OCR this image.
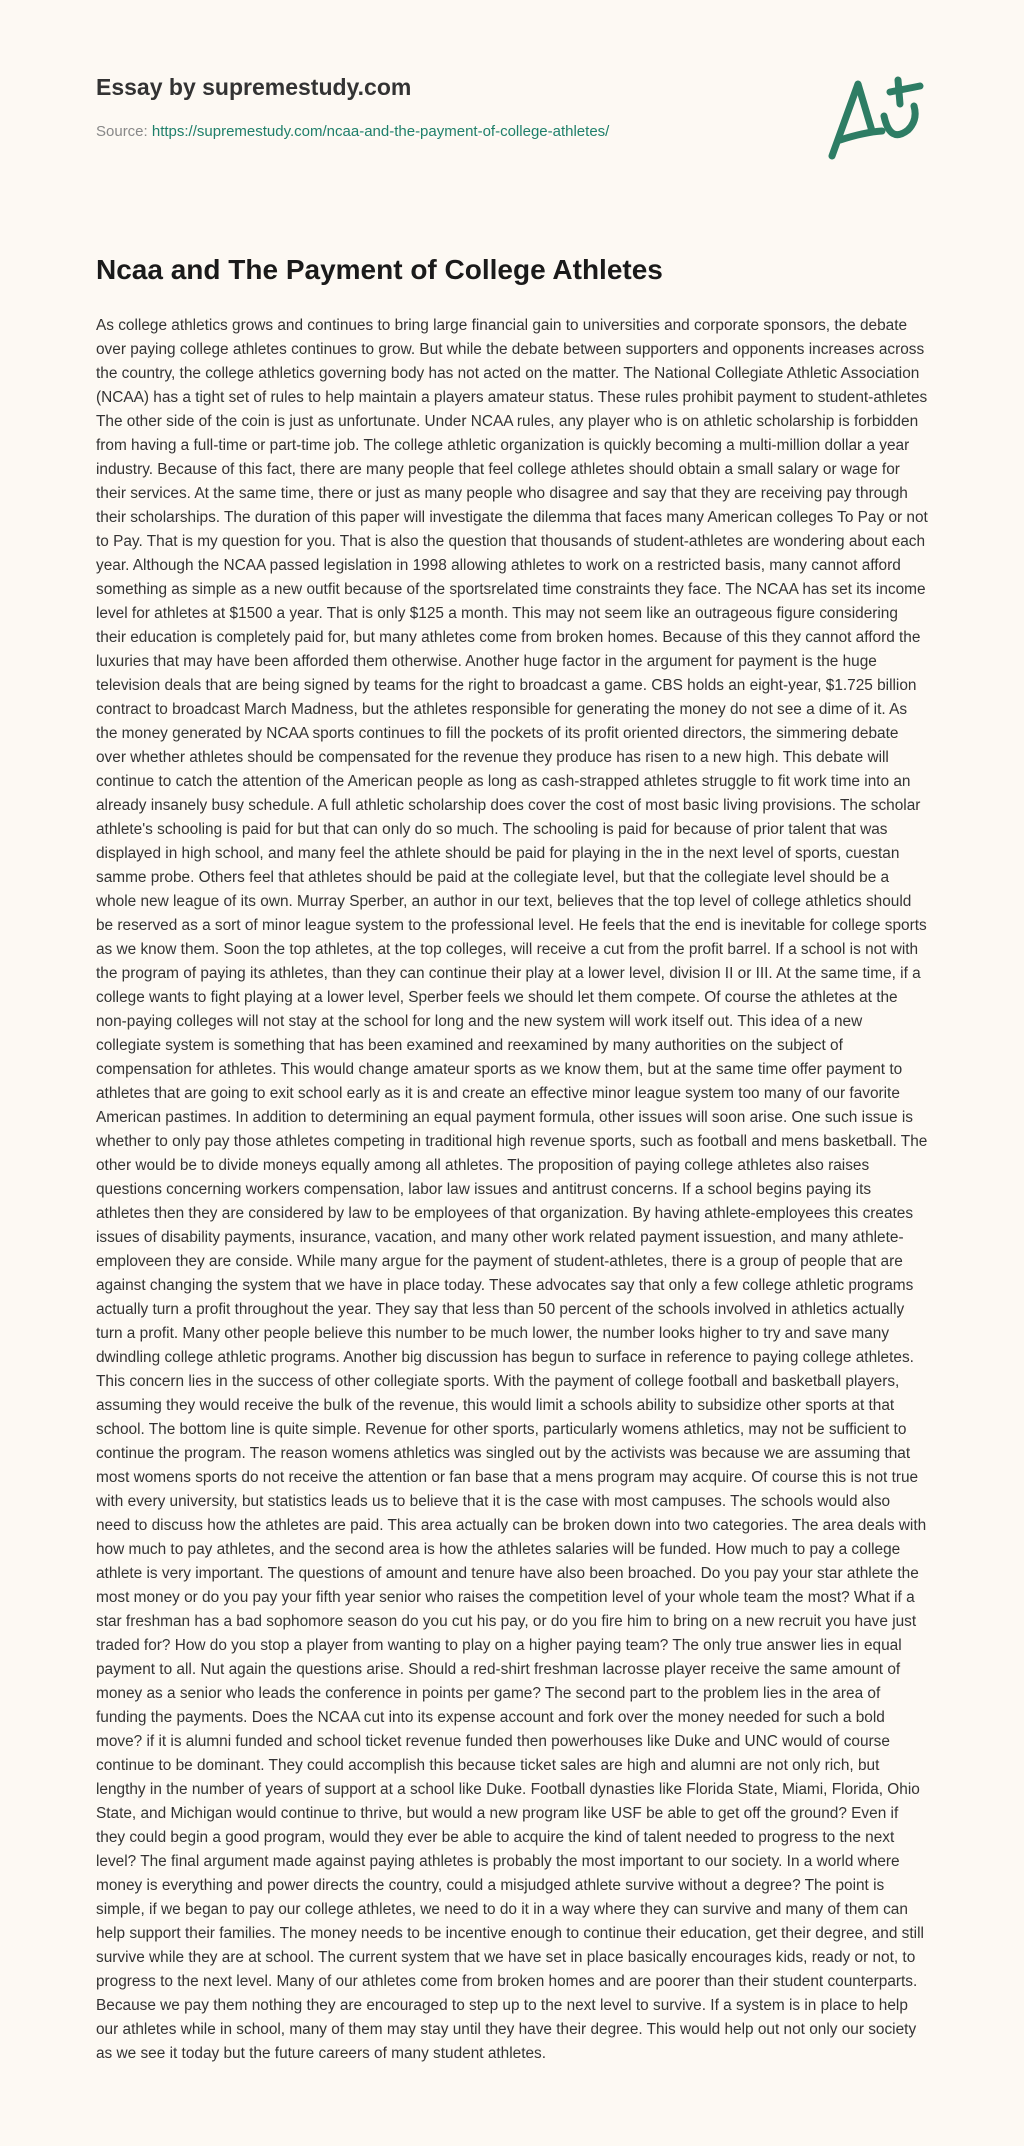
Essay by supremestudy.com
Source: https://supremestudy.com/ncaa-and-the-payment-of-college-athletes/
Ncaa and The Payment of College Athletes

As college athletics grows and continues to bring large financial gain to universities and corporate sponsors, the debate over paying college athletes continues to grow. But while the debate between supporters and opponents increases across the country, the college athletics governing body has not acted on the matter. The National Collegiate Athletic Association (NCAA) has a tight set of rules to help maintain a players amateur status. These rules prohibit payment to student-athletes The other side of the coin is just as unfortunate. Under NCAA rules, any player who is on athletic scholarship is forbidden from having a full-time or part-time job. The college athletic organization is quickly becoming a multi-million dollar a year industry. Because of this fact, there are many people that feel college athletes should obtain a small salary or wage for their services. At the same time, there or just as many people who disagree and say that they are receiving pay through their scholarships. The duration of this paper will investigate the dilemma that faces many American colleges To Pay or not to Pay. That is my question for you. That is also the question that thousands of student-athletes are wondering about each year. Although the NCAA passed legislation in 1998 allowing athletes to work on a restricted basis, many cannot afford something as simple as a new outfit because of the sportsrelated time constraints they face. The NCAA has set its income level for athletes at $1500 a year. That is only $125 a month. This may not seem like an outrageous figure considering their education is completely paid for, but many athletes come from broken homes. Because of this they cannot afford the luxuries that may have been afforded them otherwise. Another huge factor in the argument for payment is the huge television deals that are being signed by teams for the right to broadcast a game. CBS holds an eight-year, $1.725 billion contract to broadcast March Madness, but the athletes responsible for generating the money do not see a dime of it. As the money generated by NCAA sports continues to fill the pockets of its profit oriented directors, the simmering debate over whether athletes should be compensated for the revenue they produce has risen to a new high. This debate will continue to catch the attention of the American people as long as cash-strapped athletes struggle to fit work time into an already insanely busy schedule. A full athletic scholarship does cover the cost of most basic living provisions. The scholar athlete's schooling is paid for but that can only do so much. The schooling is paid for because of prior talent that was displayed in high school, and many feel the athlete should be paid for playing in the in the next level of sports, cuestan samme probe. Others feel that athletes should be paid at the collegiate level, but that the collegiate level should be a whole new league of its own. Murray Sperber, an author in our text, believes that the top level of college athletics should be reserved as a sort of minor league system to the professional level. He feels that the end is inevitable for college sports as we know them. Soon the top athletes, at the top colleges, will receive a cut from the profit barrel. If a school is not with the program of paying its athletes, than they can continue their play at a lower level, division II or III. At the same time, if a college wants to fight playing at a lower level, Sperber feels we should let them compete. Of course the athletes at the non-paying colleges will not stay at the school for long and the new system will work itself out. This idea of a new collegiate system is something that has been examined and reexamined by many authorities on the subject of compensation for athletes. This would change amateur sports as we know them, but at the same time offer payment to athletes that are going to exit school early as it is and create an effective minor league system too many of our favorite American pastimes. In addition to determining an equal payment formula, other issues will soon arise. One such issue is whether to only pay those athletes competing in traditional high revenue sports, such as football and mens basketball. The other would be to divide moneys equally among all athletes. The proposition of paying college athletes also raises questions concerning workers compensation, labor law issues and antitrust concerns. If a school begins paying its athletes then they are considered by law to be employees of that organization. By having athlete-employees this creates issues of disability payments, insurance, vacation, and many other work related payment issuestion, and many athlete-emploveen they are conside. While many argue for the payment of student-athletes, there is a group of people that are against changing the system that we have in place today. These advocates say that only a few college athletic programs actually turn a profit throughout the year. They say that less than 50 percent of the schools involved in athletics actually turn a profit. Many other people believe this number to be much lower, the number looks higher to try and save many dwindling college athletic programs. Another big discussion has begun to surface in reference to paying college athletes. This concern lies in the success of other collegiate sports. With the payment of college football and basketball players, assuming they would receive the bulk of the revenue, this would limit a schools ability to subsidize other sports at that school. The bottom line is quite simple. Revenue for other sports, particularly womens athletics, may not be sufficient to continue the program. The reason womens athletics was singled out by the activists was because we are assuming that most womens sports do not receive the attention or fan base that a mens program may acquire. Of course this is not true with every university, but statistics leads us to believe that it is the case with most campuses. The schools would also need to discuss how the athletes are paid. This area actually can be broken down into two categories. The area deals with how much to pay athletes, and the second area is how the athletes salaries will be funded. How much to pay a college athlete is very important. The questions of amount and tenure have also been broached. Do you pay your star athlete the most money or do you pay your fifth year senior who raises the competition level of your whole team the most? What if a star freshman has a bad sophomore season do you cut his pay, or do you fire him to bring on a new recruit you have just traded for? How do you stop a player from wanting to play on a higher paying team? The only true answer lies in equal payment to all. Nut again the questions arise. Should a red-shirt freshman lacrosse player receive the same amount of money as a senior who leads the conference in points per game? The second part to the problem lies in the area of funding the payments. Does the NCAA cut into its expense account and fork over the money needed for such a bold move? if it is alumni funded and school ticket revenue funded then powerhouses like Duke and UNC would of course continue to be dominant. They could accomplish this because ticket sales are high and alumni are not only rich, but lengthy in the number of years of support at a school like Duke. Football dynasties like Florida State, Miami, Florida, Ohio State, and Michigan would continue to thrive, but would a new program like USF be able to get off the ground? Even if they could begin a good program, would they ever be able to acquire the kind of talent needed to progress to the next level? The final argument made against paying athletes is probably the most important to our society. In a world where money is everything and power directs the country, could a misjudged athlete survive without a degree? The point is simple, if we began to pay our college athletes, we need to do it in a way where they can survive and many of them can help support their families. The money needs to be incentive enough to continue their education, get their degree, and still survive while they are at school. The current system that we have set in place basically encourages kids, ready or not, to progress to the next level. Many of our athletes come from broken homes and are poorer than their student counterparts. Because we pay them nothing they are encouraged to step up to the next level to survive. If a system is in place to help our athletes while in school, many of them may stay until they have their degree. This would help out not only our society as we see it today but the future careers of many student athletes.
